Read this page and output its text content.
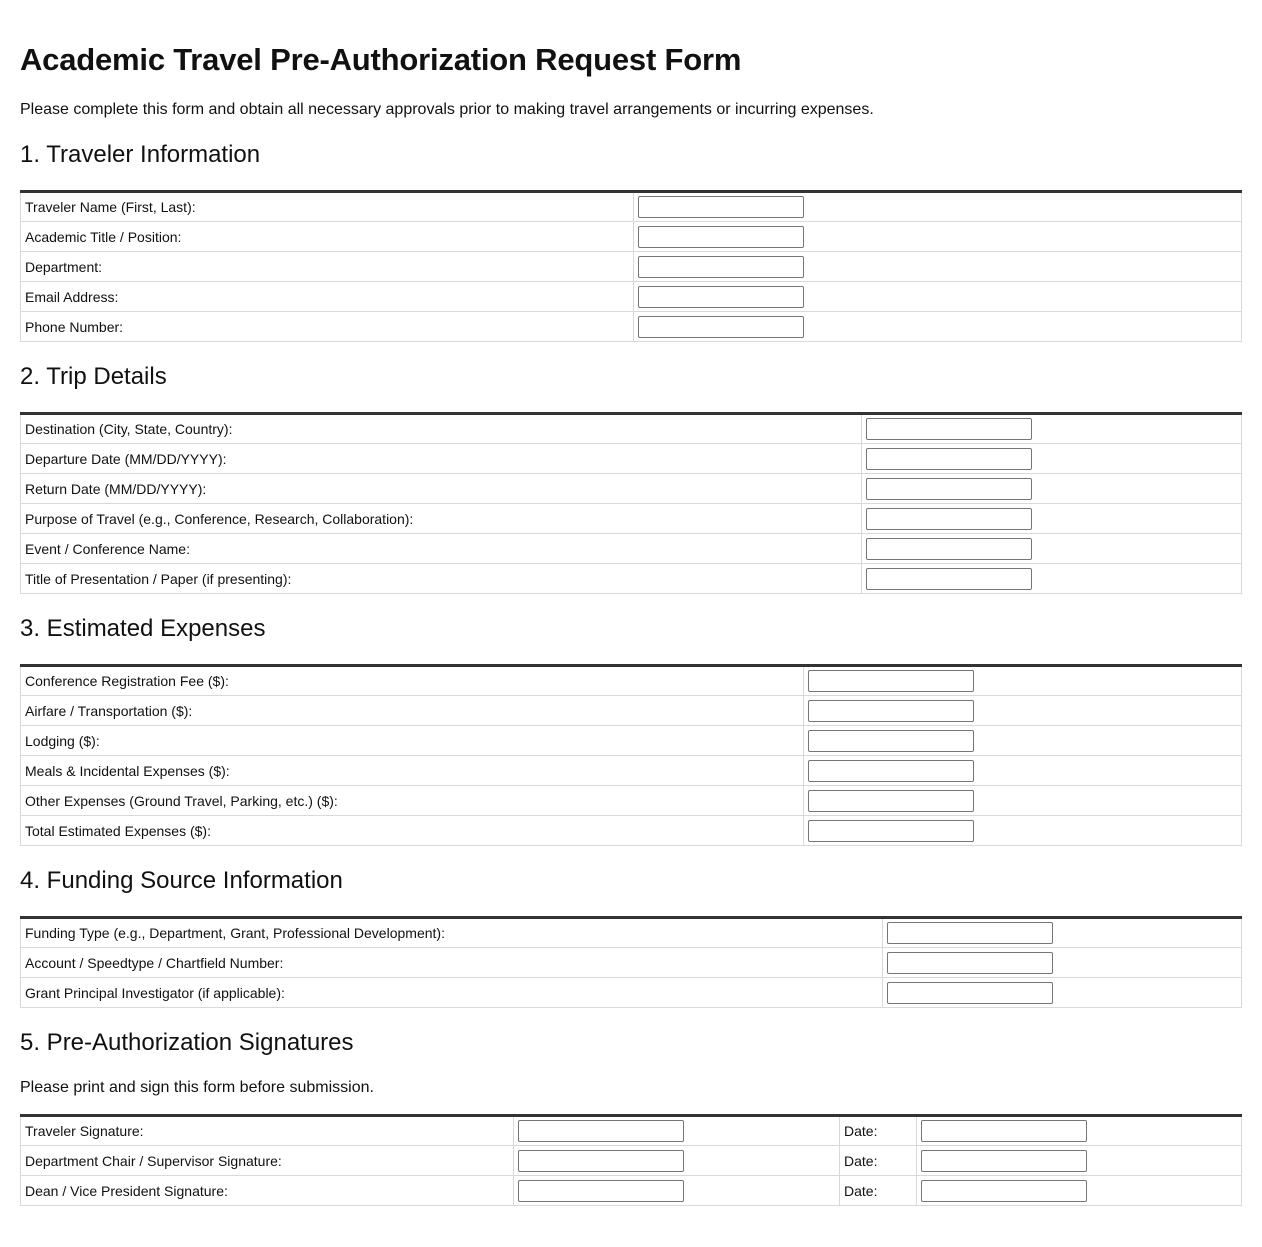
Academic Travel Pre-Authorization Request Form

Please complete this form and obtain all necessary approvals prior to making travel arrangements or incurring expenses.

1. Traveler Information
Traveler Name (First, Last):	

Academic Title / Position:	

Department:	

Email Address:	

Phone Number:	
2. Trip Details
Destination (City, State, Country):	

Departure Date (MM/DD/YYYY):	

Return Date (MM/DD/YYYY):	

Purpose of Travel (e.g., Conference, Research, Collaboration):	

Event / Conference Name:	

Title of Presentation / Paper (if presenting):	
3. Estimated Expenses
Conference Registration Fee ($):	

Airfare / Transportation ($):	

Lodging ($):	

Meals & Incidental Expenses ($):	

Other Expenses (Ground Travel, Parking, etc.) ($):	

Total Estimated Expenses ($):	
4. Funding Source Information
Funding Type (e.g., Department, Grant, Professional Development):	

Account / Speedtype / Chartfield Number:	

Grant Principal Investigator (if applicable):	
5. Pre-Authorization Signatures

Please print and sign this form before submission.

Traveler Signature:		Date:	

Department Chair / Supervisor Signature:		Date:	

Dean / Vice President Signature:		Date:	
